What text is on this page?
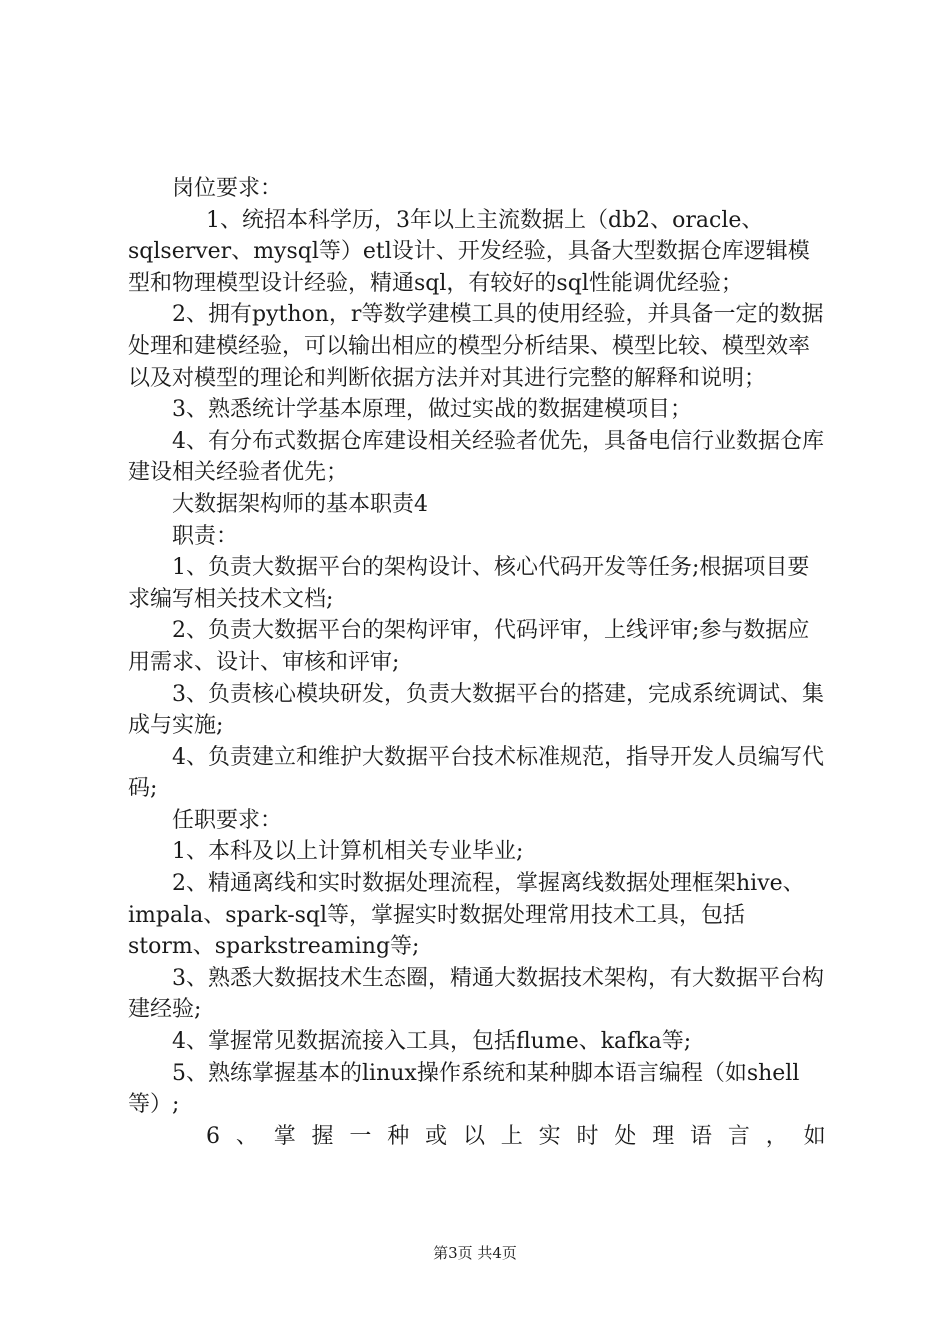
岗位要求：

1、统招本科学历，3年以上主流数据上（db2、oracle、sqlserver、mysql等）etl设计、开发经验，具备大型数据仓库逻辑模型和物理模型设计经验，精通sql，有较好的sql性能调优经验；

2、拥有python，r等数学建模工具的使用经验，并具备一定的数据处理和建模经验，可以输出相应的模型分析结果、模型比较、模型效率以及对模型的理论和判断依据方法并对其进行完整的解释和说明；

3、熟悉统计学基本原理，做过实战的数据建模项目；

4、有分布式数据仓库建设相关经验者优先，具备电信行业数据仓库建设相关经验者优先；

大数据架构师的基本职责4

职责：

1、负责大数据平台的架构设计、核心代码开发等任务;根据项目要求编写相关技术文档;

2、负责大数据平台的架构评审，代码评审，上线评审;参与数据应用需求、设计、审核和评审;

3、负责核心模块研发，负责大数据平台的搭建，完成系统调试、集成与实施;

4、负责建立和维护大数据平台技术标准规范，指导开发人员编写代码;

任职要求：

1、本科及以上计算机相关专业毕业;

2、精通离线和实时数据处理流程，掌握离线数据处理框架hive、impala、spark-sql等，掌握实时数据处理常用技术工具，包括storm、sparkstreaming等;

3、熟悉大数据技术生态圈，精通大数据技术架构，有大数据平台构建经验;

4、掌握常见数据流接入工具，包括flume、kafka等;

5、熟练掌握基本的linux操作系统和某种脚本语言编程（如shell等）;

6、掌握一种或以上实时处理语言，如

第3页 共4页
